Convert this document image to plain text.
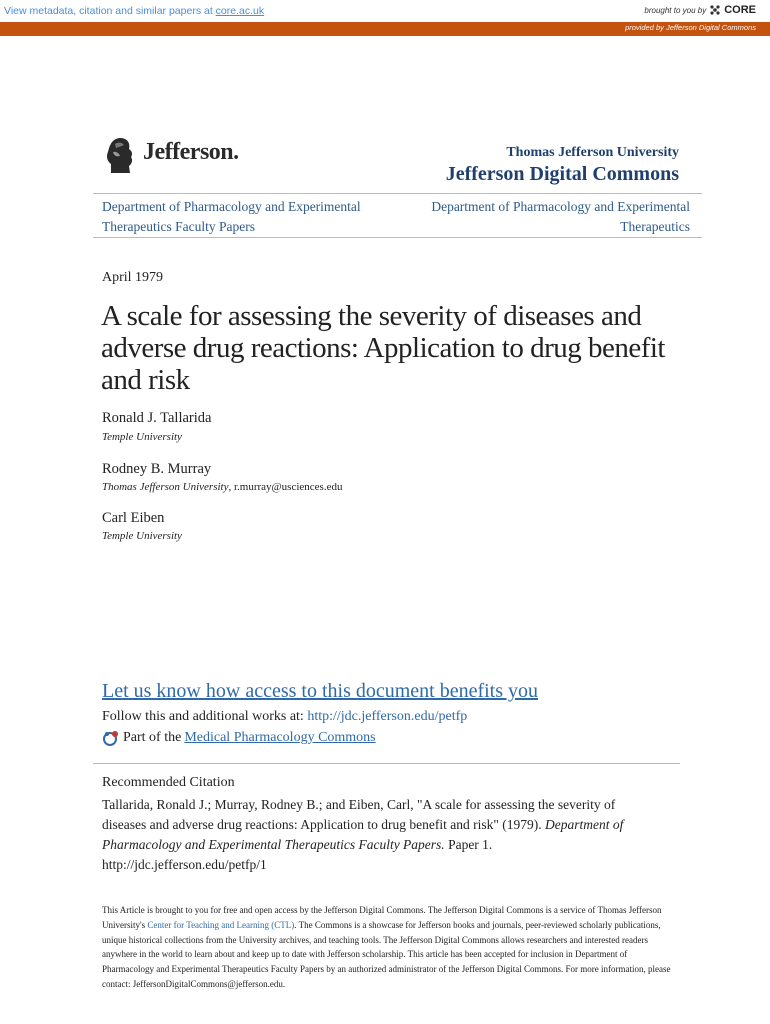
View metadata, citation and similar papers at core.ac.uk	brought to you by CORE
provided by Jefferson Digital Commons
Jefferson.	Thomas Jefferson University
Jefferson Digital Commons
Department of Pharmacology and Experimental Therapeutics Faculty Papers
Department of Pharmacology and Experimental Therapeutics
April 1979
A scale for assessing the severity of diseases and adverse drug reactions: Application to drug benefit and risk
Ronald J. Tallarida
Temple University
Rodney B. Murray
Thomas Jefferson University, r.murray@usciences.edu
Carl Eiben
Temple University
Let us know how access to this document benefits you
Follow this and additional works at: http://jdc.jefferson.edu/petfp
Part of the Medical Pharmacology Commons
Recommended Citation
Tallarida, Ronald J.; Murray, Rodney B.; and Eiben, Carl, "A scale for assessing the severity of diseases and adverse drug reactions: Application to drug benefit and risk" (1979). Department of Pharmacology and Experimental Therapeutics Faculty Papers. Paper 1.
http://jdc.jefferson.edu/petfp/1
This Article is brought to you for free and open access by the Jefferson Digital Commons. The Jefferson Digital Commons is a service of Thomas Jefferson University's Center for Teaching and Learning (CTL). The Commons is a showcase for Jefferson books and journals, peer-reviewed scholarly publications, unique historical collections from the University archives, and teaching tools. The Jefferson Digital Commons allows researchers and interested readers anywhere in the world to learn about and keep up to date with Jefferson scholarship. This article has been accepted for inclusion in Department of Pharmacology and Experimental Therapeutics Faculty Papers by an authorized administrator of the Jefferson Digital Commons. For more information, please contact: JeffersonDigitalCommons@jefferson.edu.
